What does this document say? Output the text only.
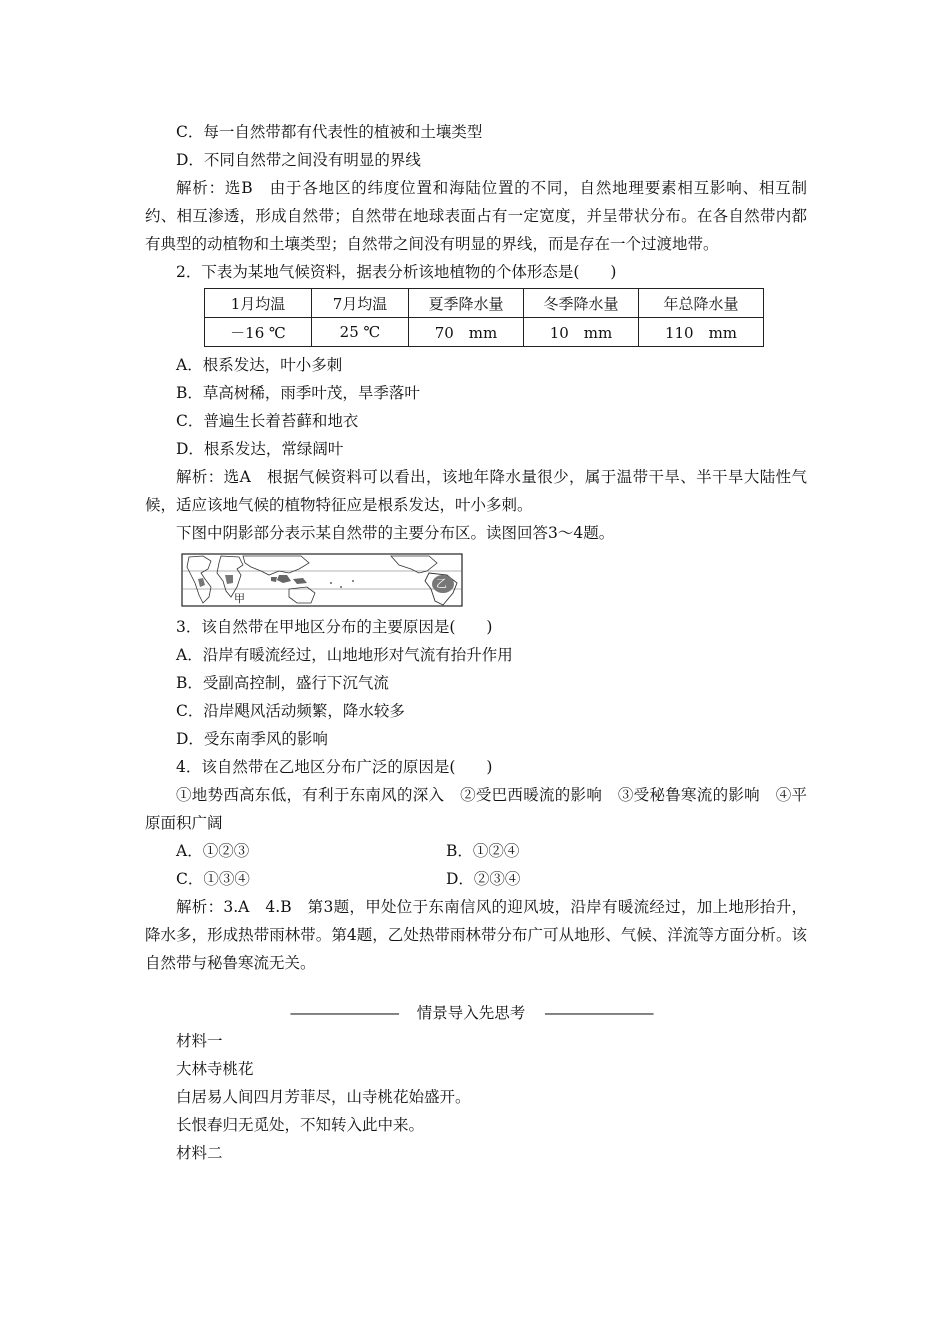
C．每一自然带都有代表性的植被和土壤类型
D．不同自然带之间没有明显的界线
解析：选B　由于各地区的纬度位置和海陆位置的不同，自然地理要素相互影响、相互制约、相互渗透，形成自然带；自然带在地球表面占有一定宽度，并呈带状分布。在各自然带内都有典型的动植物和土壤类型；自然带之间没有明显的界线，而是存在一个过渡地带。
2．下表为某地气候资料，据表分析该地植物的个体形态是(　　)
1月均温	7月均温	夏季降水量	冬季降水量	年总降水量
－16 ℃	25 ℃	70　mm	10　mm	110　mm
A．根系发达，叶小多刺
B．草高树稀，雨季叶茂，旱季落叶
C．普遍生长着苔藓和地衣
D．根系发达，常绿阔叶
解析：选A　根据气候资料可以看出，该地年降水量很少，属于温带干旱、半干旱大陆性气候，适应该地气候的植物特征应是根系发达，叶小多刺。
下图中阴影部分表示某自然带的主要分布区。读图回答3～4题。
乙
甲
3．该自然带在甲地区分布的主要原因是(　　)
A．沿岸有暖流经过，山地地形对气流有抬升作用
B．受副高控制，盛行下沉气流
C．沿岸飓风活动频繁，降水较多
D．受东南季风的影响
4．该自然带在乙地区分布广泛的原因是(　　)
①地势西高东低，有利于东南风的深入　②受巴西暖流的影响　③受秘鲁寒流的影响　④平原面积广阔
A．①②③	B．①②④
C．①③④	D．②③④
解析：3.A　4.B　第3题，甲处位于东南信风的迎风坡，沿岸有暖流经过，加上地形抬升，降水多，形成热带雨林带。第4题，乙处热带雨林带分布广可从地形、气候、洋流等方面分析。该自然带与秘鲁寒流无关。
———————— 情景导入先思考 ————————
材料一
大林寺桃花
白居易人间四月芳菲尽，山寺桃花始盛开。
长恨春归无觅处，不知转入此中来。
材料二
